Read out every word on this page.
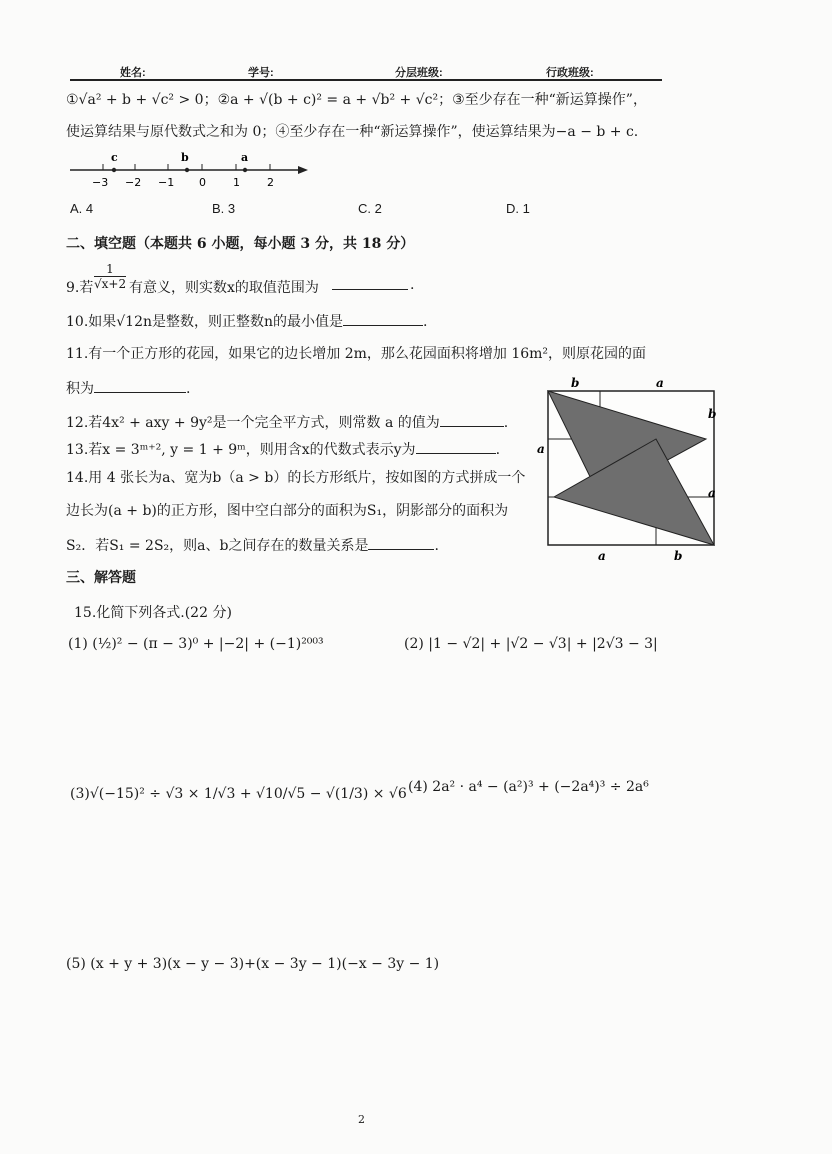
姓名:	学号:	分层班级:	行政班级:
①√a² + b + √c² > 0；②a + √(b + c)² = a + √b² + √c²；③至少存在一种“新运算操作”，
使运算结果与原代数式之和为 0；④至少存在一种“新运算操作”，使运算结果为−a − b + c.
c	b	a
−3 −2 −1 0 1 2
A. 4	B. 3	C. 2	D. 1
二、填空题（本题共 6 小题，每小题 3 分，共 18 分）
9.若 $\frac{1}{√x+2}$ 有意义，则实数x的取值范围为	.
10.如果√12n是整数，则正整数n的最小值是	.
11.有一个正方形的花园，如果它的边长增加 2m，那么花园面积将增加 16m²，则原花园的面
积为	.
12.若4x² + axy + 9y²是一个完全平方式，则常数 a 的值为	.
13.若x = 3ᵐ⁺², y = 1 + 9ᵐ，则用含x的代数式表示y为	.
14.用 4 张长为a、宽为b（a > b）的长方形纸片，按如图的方式拼成一个
边长为(a + b)的正方形，图中空白部分的面积为S₁，阴影部分的面积为
S₂．若S₁ = 2S₂，则a、b之间存在的数量关系是	.
b	a
b
a
a
a	b
三、解答题
15.化简下列各式.(22 分)
(1) (½)² − (π − 3)⁰ + |−2| + (−1)²⁰⁰³	(2) |1 − √2| + |√2 − √3| + |2√3 − 3|
(3)√(−15)² ÷ √3 × 1/√3 + √10/√5 − √(1/3) × √6 (4) 2a² · a⁴ − (a²)³ + (−2a⁴)³ ÷ 2a⁶
(5) (x + y + 3)(x − y − 3)+(x − 3y − 1)(−x − 3y − 1)
2
